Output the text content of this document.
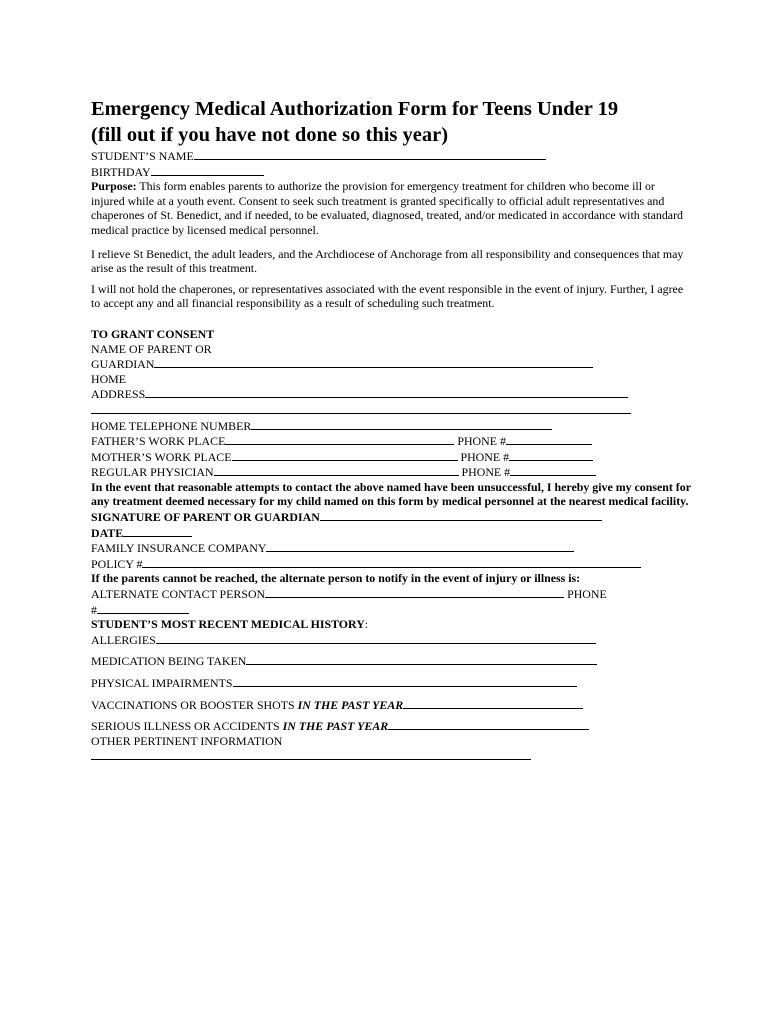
Emergency Medical Authorization Form for Teens Under 19
(fill out if you have not done so this year)
STUDENT’S NAME
BIRTHDAY
Purpose: This form enables parents to authorize the provision for emergency treatment for children who become ill or injured while at a youth event. Consent to seek such treatment is granted specifically to official adult representatives and chaperones of St. Benedict, and if needed, to be evaluated, diagnosed, treated, and/or medicated in accordance with standard medical practice by licensed medical personnel.
I relieve St Benedict, the adult leaders, and the Archdiocese of Anchorage from all responsibility and consequences that may arise as the result of this treatment.
I will not hold the chaperones, or representatives associated with the event responsible in the event of injury. Further, I agree to accept any and all financial responsibility as a result of scheduling such treatment.
TO GRANT CONSENT
NAME OF PARENT OR
GUARDIAN
HOME
ADDRESS
HOME TELEPHONE NUMBER
FATHER’S WORK PLACE	PHONE #
MOTHER’S WORK PLACE	PHONE #
REGULAR PHYSICIAN	PHONE #
In the event that reasonable attempts to contact the above named have been unsuccessful, I hereby give my consent for any treatment deemed necessary for my child named on this form by medical personnel at the nearest medical facility.
SIGNATURE OF PARENT OR GUARDIAN
DATE
FAMILY INSURANCE COMPANY
POLICY #
If the parents cannot be reached, the alternate person to notify in the event of injury or illness is:
ALTERNATE CONTACT PERSON	PHONE
#
STUDENT’S MOST RECENT MEDICAL HISTORY:
ALLERGIES
MEDICATION BEING TAKEN
PHYSICAL IMPAIRMENTS
VACCINATIONS OR BOOSTER SHOTS IN THE PAST YEAR
SERIOUS ILLNESS OR ACCIDENTS IN THE PAST YEAR
OTHER PERTINENT INFORMATION
